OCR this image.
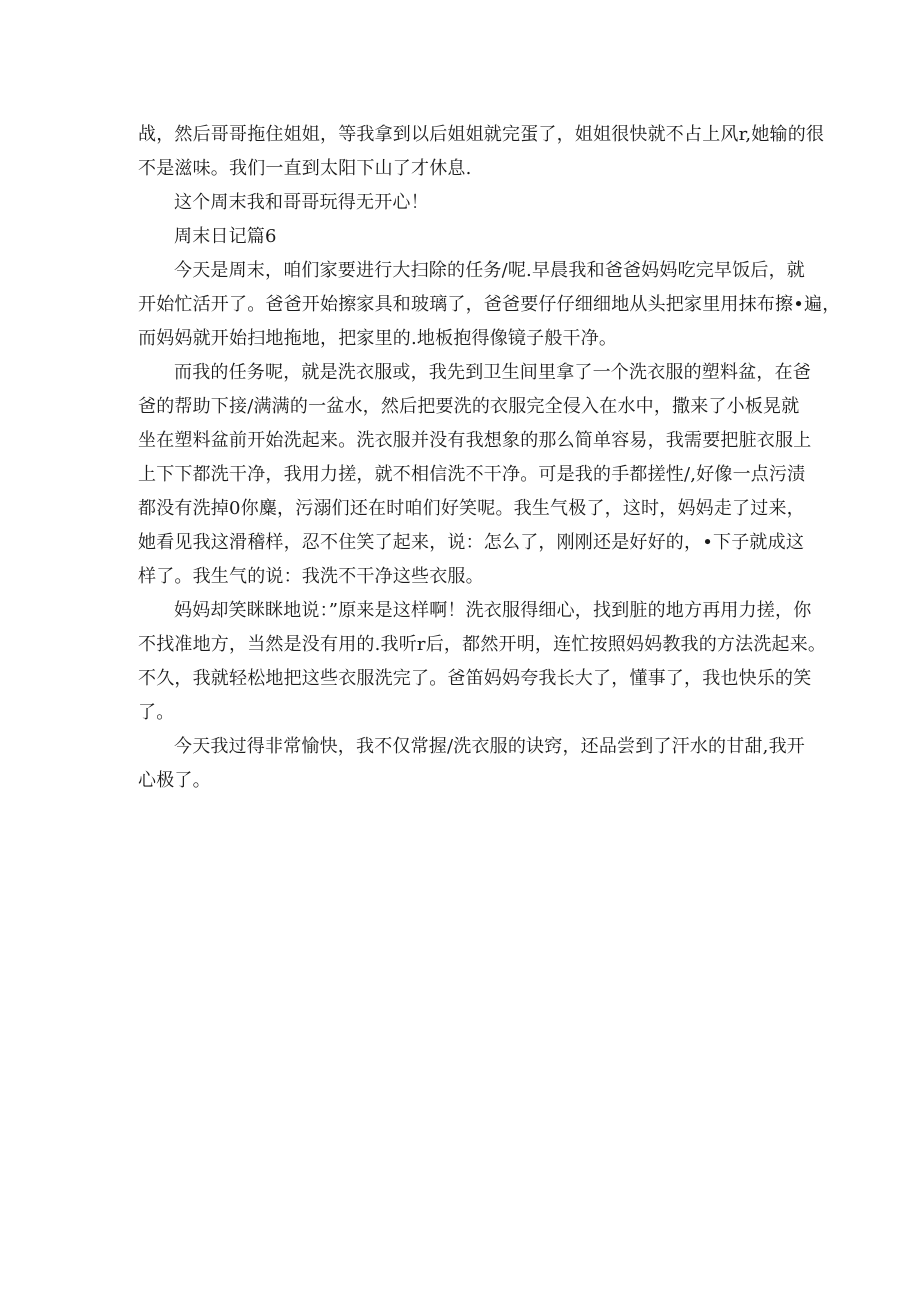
战，然后哥哥拖住姐姐，等我拿到以后姐姐就完蛋了，姐姐很快就不占上风r,她输的很
不是滋味。我们一直到太阳下山了才休息.
这个周末我和哥哥玩得无开心！
周末日记篇6
今天是周末，咱们家要进行大扫除的任务/呢.早晨我和爸爸妈妈吃完早饭后，就
开始忙活开了。爸爸开始擦家具和玻璃了，爸爸要仔仔细细地从头把家里用抹布擦•遍，
而妈妈就开始扫地拖地，把家里的.地板抱得像镜子般干净。
而我的任务呢，就是洗衣服或，我先到卫生间里拿了一个洗衣服的塑料盆，在爸
爸的帮助下接/满满的一盆水，然后把要洗的衣服完全侵入在水中，撒来了小板晃就
坐在塑料盆前开始洗起来。洗衣服并没有我想象的那么简单容易，我需要把脏衣服上
上下下都洗干净，我用力搓，就不相信洗不干净。可是我的手都搓性/,好像一点污渍
都没有洗掉0你麋，污溺们还在时咱们好笑呢。我生气极了，这时，妈妈走了过来，
她看见我这滑稽样，忍不住笑了起来，说：怎么了，刚刚还是好好的，•下子就成这
样了。我生气的说：我洗不干净这些衣服。
妈妈却笑眯眯地说：”原来是这样啊！洗衣服得细心，找到脏的地方再用力搓，你
不找准地方，当然是没有用的.我听r后，都然开明，连忙按照妈妈教我的方法洗起来。
不久，我就轻松地把这些衣服洗完了。爸笛妈妈夸我长大了，懂事了，我也快乐的笑
了。
今天我过得非常愉快，我不仅常握/洗衣服的诀窍，还品尝到了汗水的甘甜,我开
心极了。
